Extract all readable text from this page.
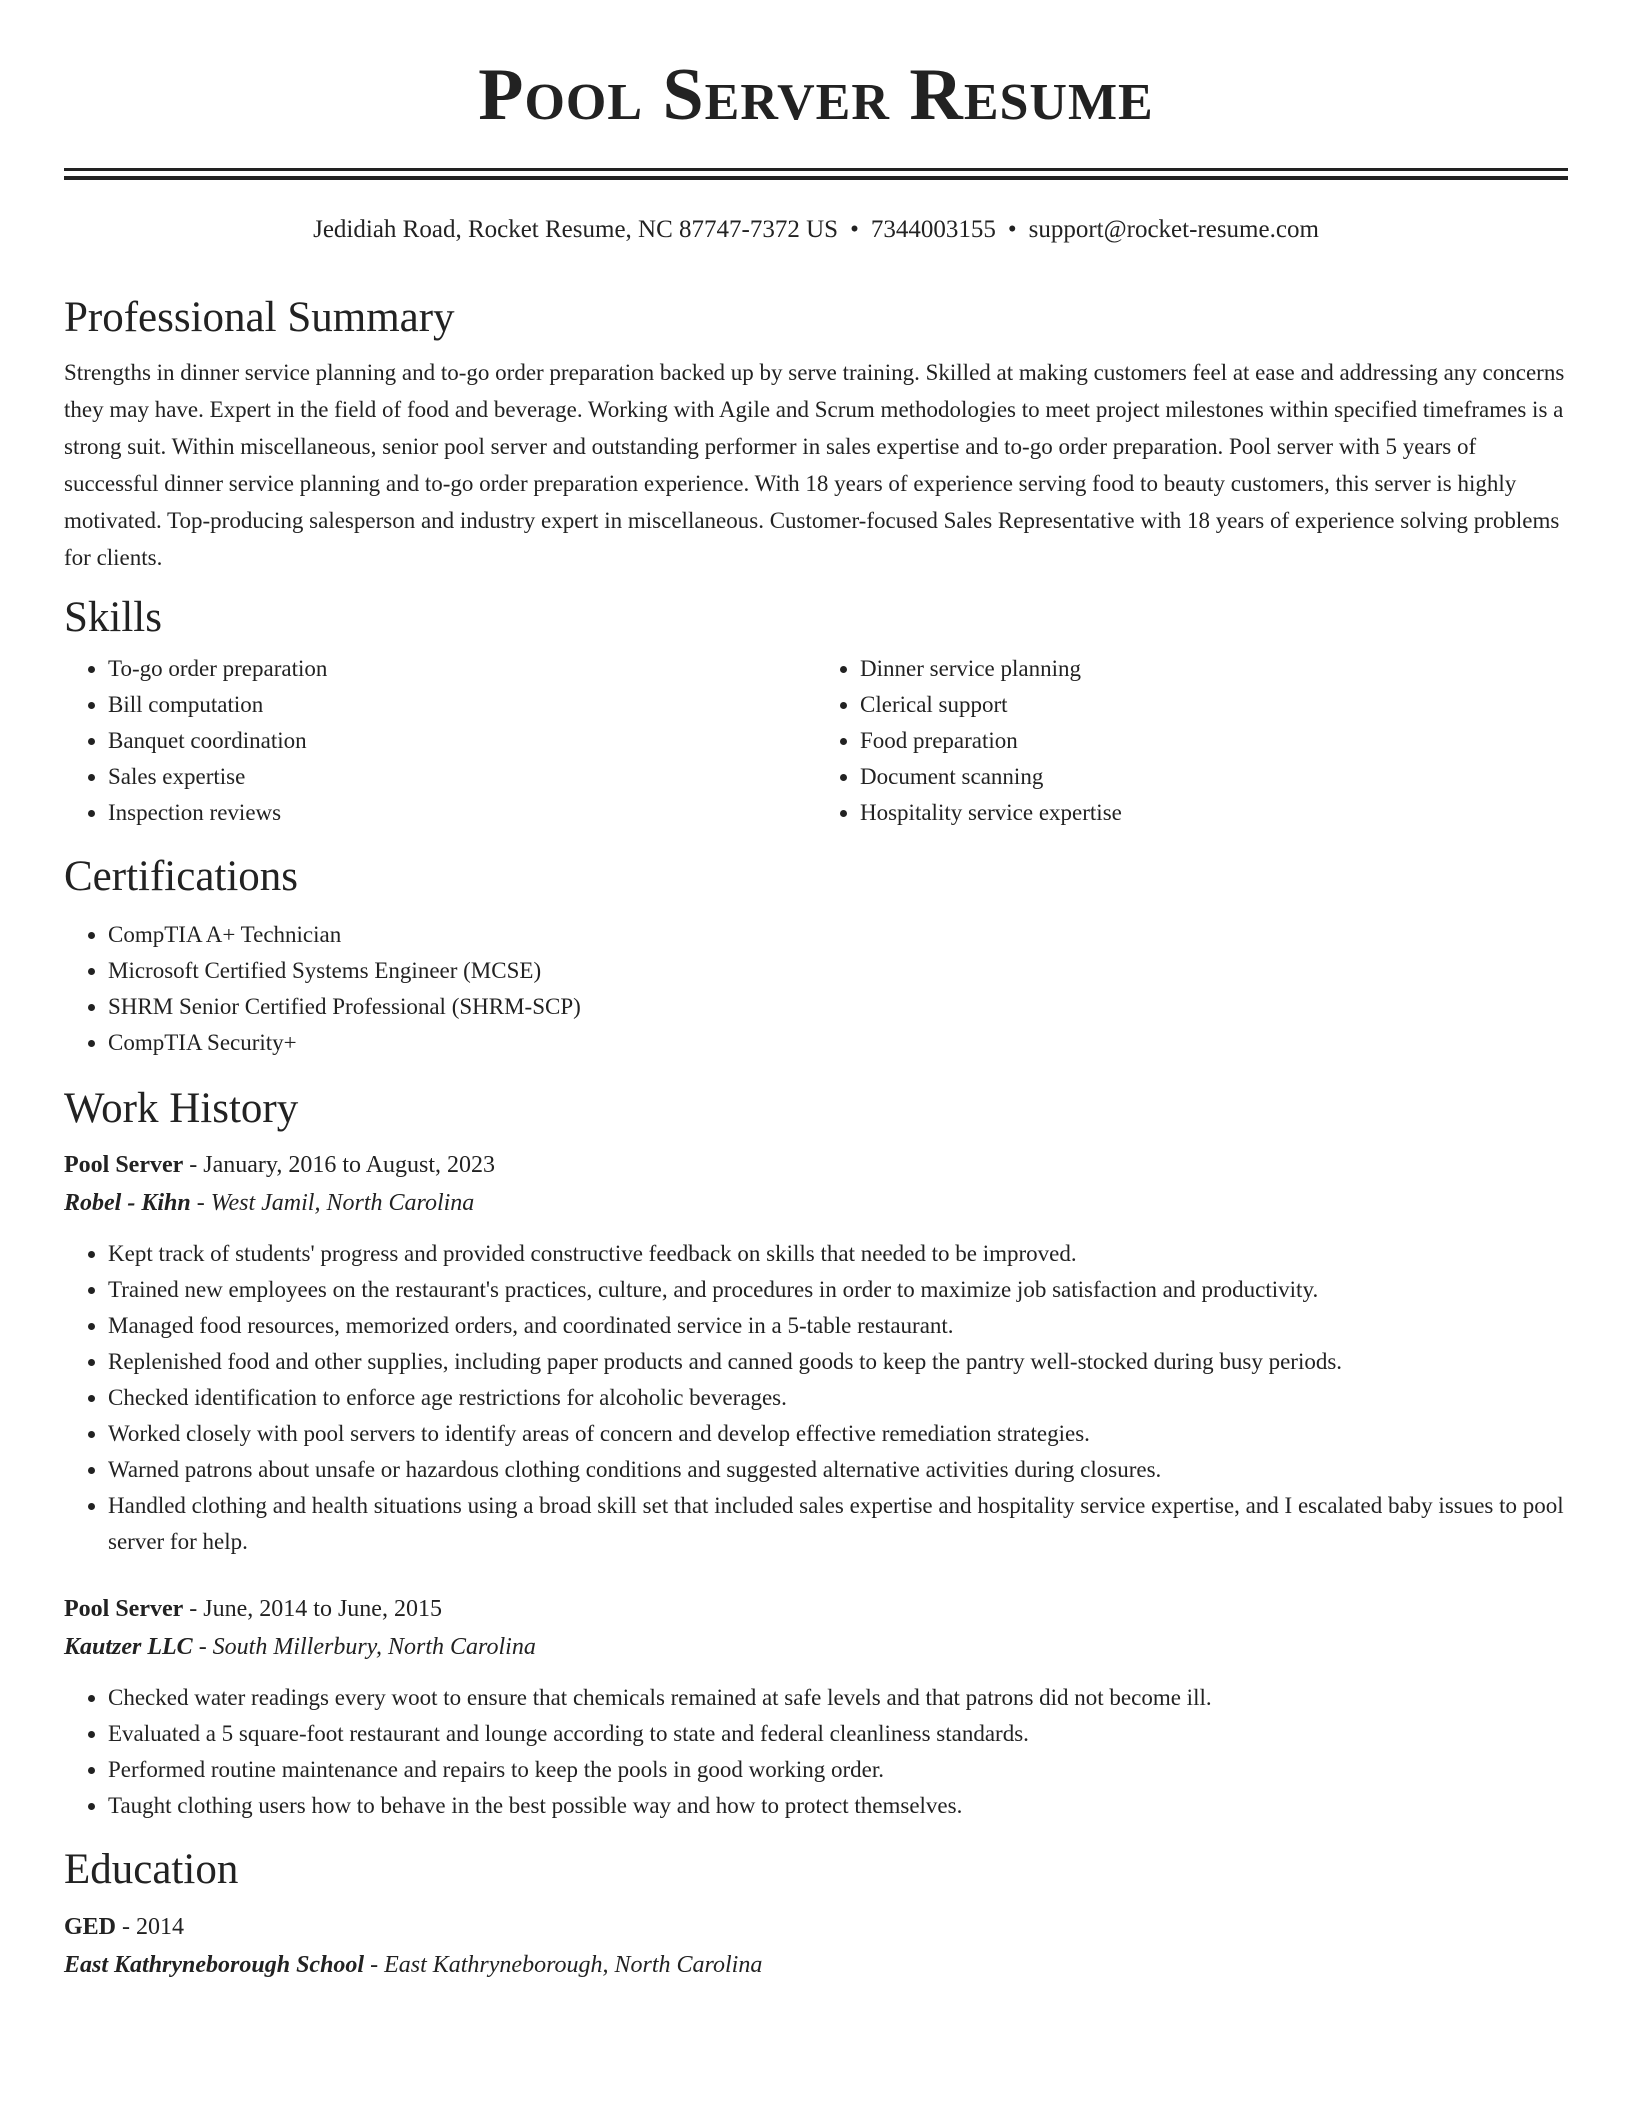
Pool Server Resume
Jedidiah Road, Rocket Resume, NC 87747-7372 US • 7344003155 • support@rocket-resume.com
Professional Summary

Strengths in dinner service planning and to-go order preparation backed up by serve training. Skilled at making customers feel at ease and addressing any concerns they may have. Expert in the field of food and beverage. Working with Agile and Scrum methodologies to meet project milestones within specified timeframes is a strong suit. Within miscellaneous, senior pool server and outstanding performer in sales expertise and to-go order preparation. Pool server with 5 years of successful dinner service planning and to-go order preparation experience. With 18 years of experience serving food to beauty customers, this server is highly motivated. Top-producing salesperson and industry expert in miscellaneous. Customer-focused Sales Representative with 18 years of experience solving problems for clients.

Skills
• To-go order preparation
• Bill computation
• Banquet coordination
• Sales expertise
• Inspection reviews
• Dinner service planning
• Clerical support
• Food preparation
• Document scanning
• Hospitality service expertise
Certifications
• CompTIA A+ Technician
• Microsoft Certified Systems Engineer (MCSE)
• SHRM Senior Certified Professional (SHRM-SCP)
• CompTIA Security+
Work History
Pool Server - January, 2016 to August, 2023
Robel - Kihn - West Jamil, North Carolina
• Kept track of students' progress and provided constructive feedback on skills that needed to be improved.
• Trained new employees on the restaurant's practices, culture, and procedures in order to maximize job satisfaction and productivity.
• Managed food resources, memorized orders, and coordinated service in a 5-table restaurant.
• Replenished food and other supplies, including paper products and canned goods to keep the pantry well-stocked during busy periods.
• Checked identification to enforce age restrictions for alcoholic beverages.
• Worked closely with pool servers to identify areas of concern and develop effective remediation strategies.
• Warned patrons about unsafe or hazardous clothing conditions and suggested alternative activities during closures.
• Handled clothing and health situations using a broad skill set that included sales expertise and hospitality service expertise, and I escalated baby issues to pool server for help.
Pool Server - June, 2014 to June, 2015
Kautzer LLC - South Millerbury, North Carolina
• Checked water readings every woot to ensure that chemicals remained at safe levels and that patrons did not become ill.
• Evaluated a 5 square-foot restaurant and lounge according to state and federal cleanliness standards.
• Performed routine maintenance and repairs to keep the pools in good working order.
• Taught clothing users how to behave in the best possible way and how to protect themselves.
Education
GED - 2014
East Kathryneborough School - East Kathryneborough, North Carolina
